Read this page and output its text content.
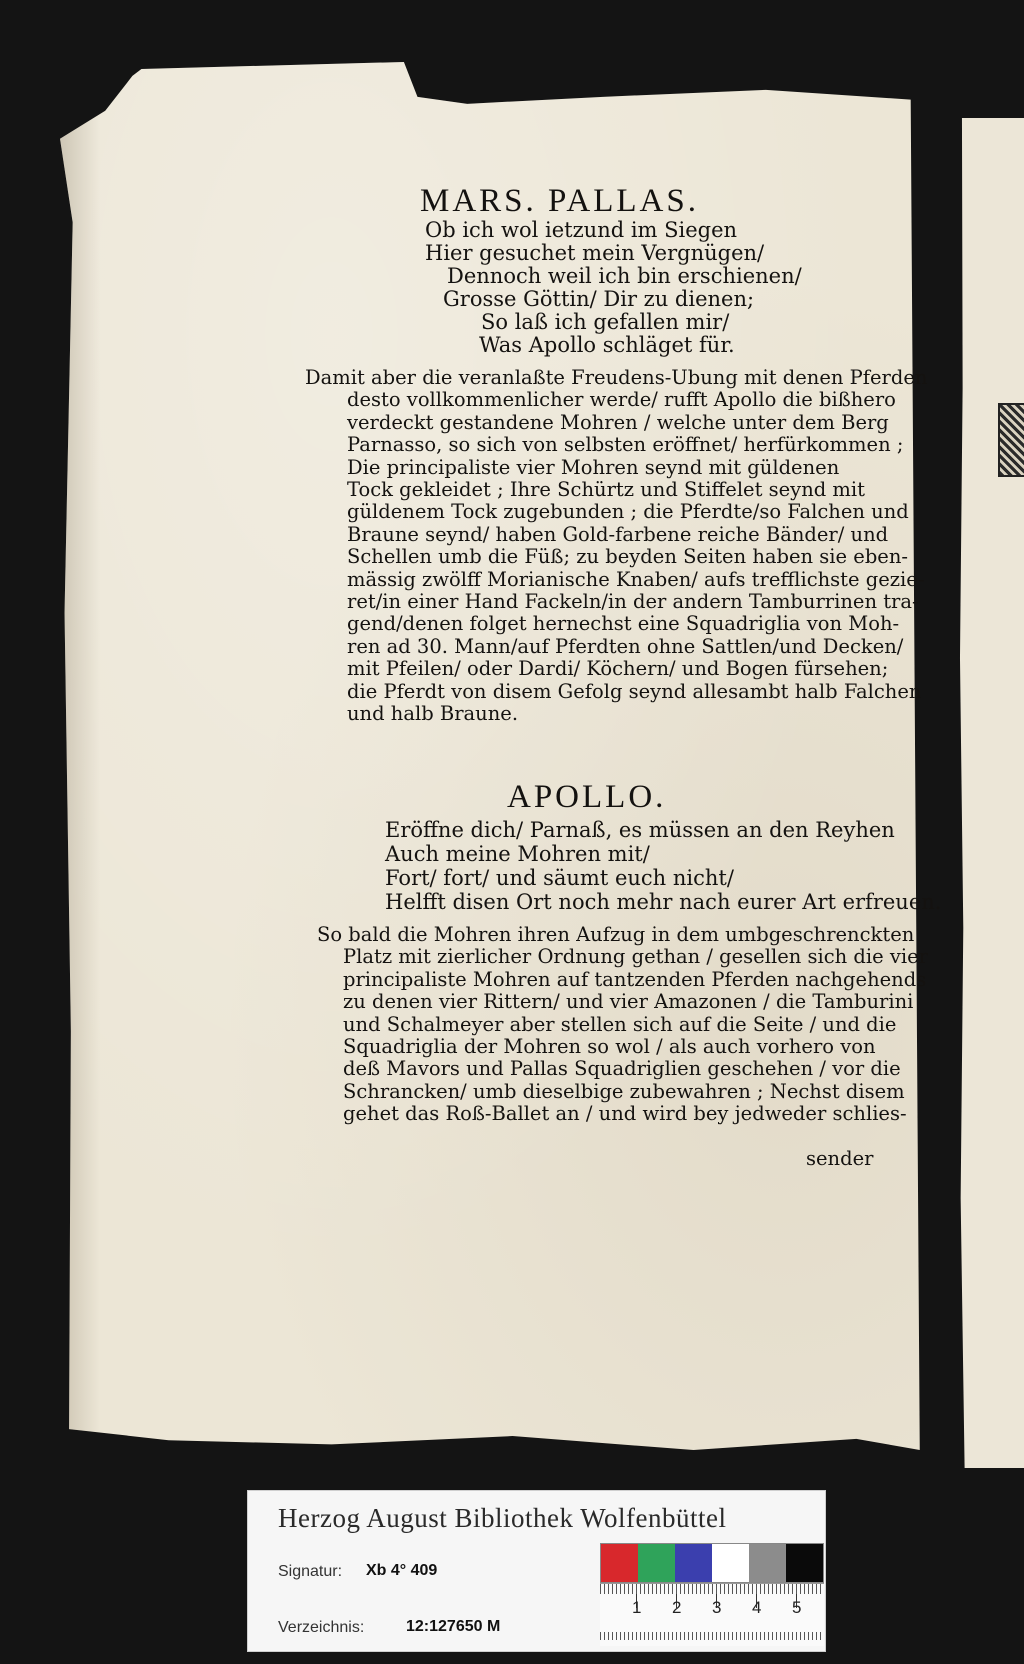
MARS. PALLAS.
Ob ich wol ietzund im Siegen
Hier gesuchet mein Vergnügen/
Dennoch weil ich bin erschienen/
Grosse Göttin/ Dir zu dienen;
So laß ich gefallen mir/
Was Apollo schläget für.
Damit aber die veranlaßte Freudens-Ubung mit denen Pferden
desto vollkommenlicher werde/ rufft Apollo die bißhero
verdeckt gestandene Mohren / welche unter dem Berg
Parnasso, so sich von selbsten eröffnet/ herfürkommen ;
Die principaliste vier Mohren seynd mit güldenen
Tock gekleidet ; Ihre Schürtz und Stiffelet seynd mit
güldenem Tock zugebunden ; die Pferdte/so Falchen und
Braune seynd/ haben Gold-farbene reiche Bänder/ und
Schellen umb die Füß; zu beyden Seiten haben sie eben-
mässig zwölff Morianische Knaben/ aufs trefflichste gezie-
ret/in einer Hand Fackeln/in der andern Tamburrinen tra-
gend/denen folget hernechst eine Squadriglia von Moh-
ren ad 30. Mann/auf Pferdten ohne Sattlen/und Decken/
mit Pfeilen/ oder Dardi/ Köchern/ und Bogen fürsehen;
die Pferdt von disem Gefolg seynd allesambt halb Falchen
und halb Braune.
APOLLO.
Eröffne dich/ Parnaß, es müssen an den Reyhen
Auch meine Mohren mit/
Fort/ fort/ und säumt euch nicht/
Helfft disen Ort noch mehr nach eurer Art erfreuen.
So bald die Mohren ihren Aufzug in dem umbgeschrenckten
Platz mit zierlicher Ordnung gethan / gesellen sich die vier
principaliste Mohren auf tantzenden Pferden nachgehends
zu denen vier Rittern/ und vier Amazonen / die Tamburini
und Schalmeyer aber stellen sich auf die Seite / und die
Squadriglia der Mohren so wol / als auch vorhero von
deß Mavors und Pallas Squadriglien geschehen / vor die
Schrancken/ umb dieselbige zubewahren ; Nechst disem
gehet das Roß-Ballet an / und wird bey jedweder schlies-
sender
Herzog August Bibliothek Wolfenbüttel
Signatur: Xb 4° 409
Verzeichnis:	12:127650 M
1 2 3 4 5
